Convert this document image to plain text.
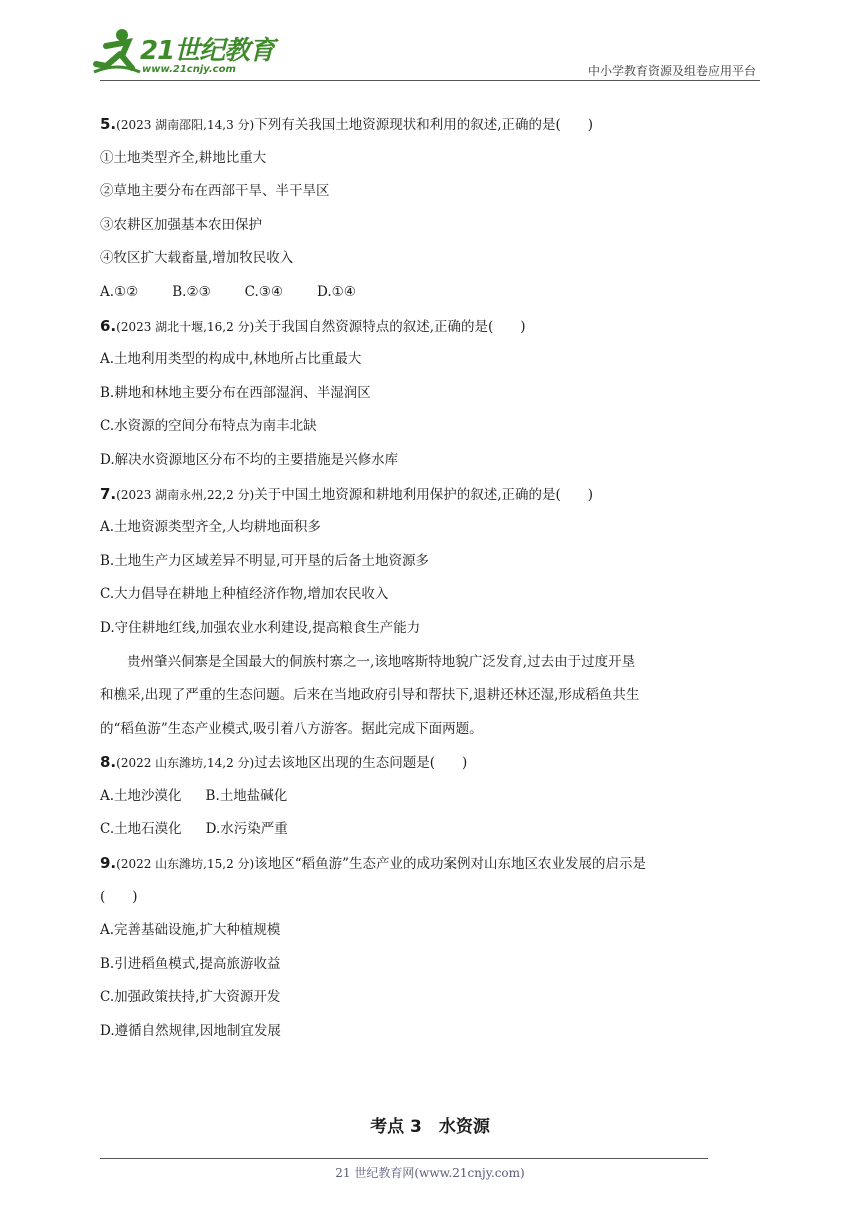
21世纪教育
www.21cnjy.com	中小学教育资源及组卷应用平台
5.(2023 湖南邵阳,14,3 分)下列有关我国土地资源现状和利用的叙述,正确的是(　　)
①土地类型齐全,耕地比重大
②草地主要分布在西部干旱、半干旱区
③农耕区加强基本农田保护
④牧区扩大载畜量,增加牧民收入
A.①②	B.②③	C.③④	D.①④
6.(2023 湖北十堰,16,2 分)关于我国自然资源特点的叙述,正确的是(　　)
A.土地利用类型的构成中,林地所占比重最大
B.耕地和林地主要分布在西部湿润、半湿润区
C.水资源的空间分布特点为南丰北缺
D.解决水资源地区分布不均的主要措施是兴修水库
7.(2023 湖南永州,22,2 分)关于中国土地资源和耕地利用保护的叙述,正确的是(　　)
A.土地资源类型齐全,人均耕地面积多
B.土地生产力区域差异不明显,可开垦的后备土地资源多
C.大力倡导在耕地上种植经济作物,增加农民收入
D.守住耕地红线,加强农业水利建设,提高粮食生产能力
贵州肇兴侗寨是全国最大的侗族村寨之一,该地喀斯特地貌广泛发育,过去由于过度开垦
和樵采,出现了严重的生态问题。后来在当地政府引导和帮扶下,退耕还林还湿,形成稻鱼共生
的“稻鱼游”生态产业模式,吸引着八方游客。据此完成下面两题。
8.(2022 山东潍坊,14,2 分)过去该地区出现的生态问题是(　　)
A.土地沙漠化 B.土地盐碱化
C.土地石漠化 D.水污染严重
9.(2022 山东潍坊,15,2 分)该地区“稻鱼游”生态产业的成功案例对山东地区农业发展的启示是
(　　)
A.完善基础设施,扩大种植规模
B.引进稻鱼模式,提高旅游收益
C.加强政策扶持,扩大资源开发
D.遵循自然规律,因地制宜发展
考点 3　水资源
21 世纪教育网(www.21cnjy.com)
